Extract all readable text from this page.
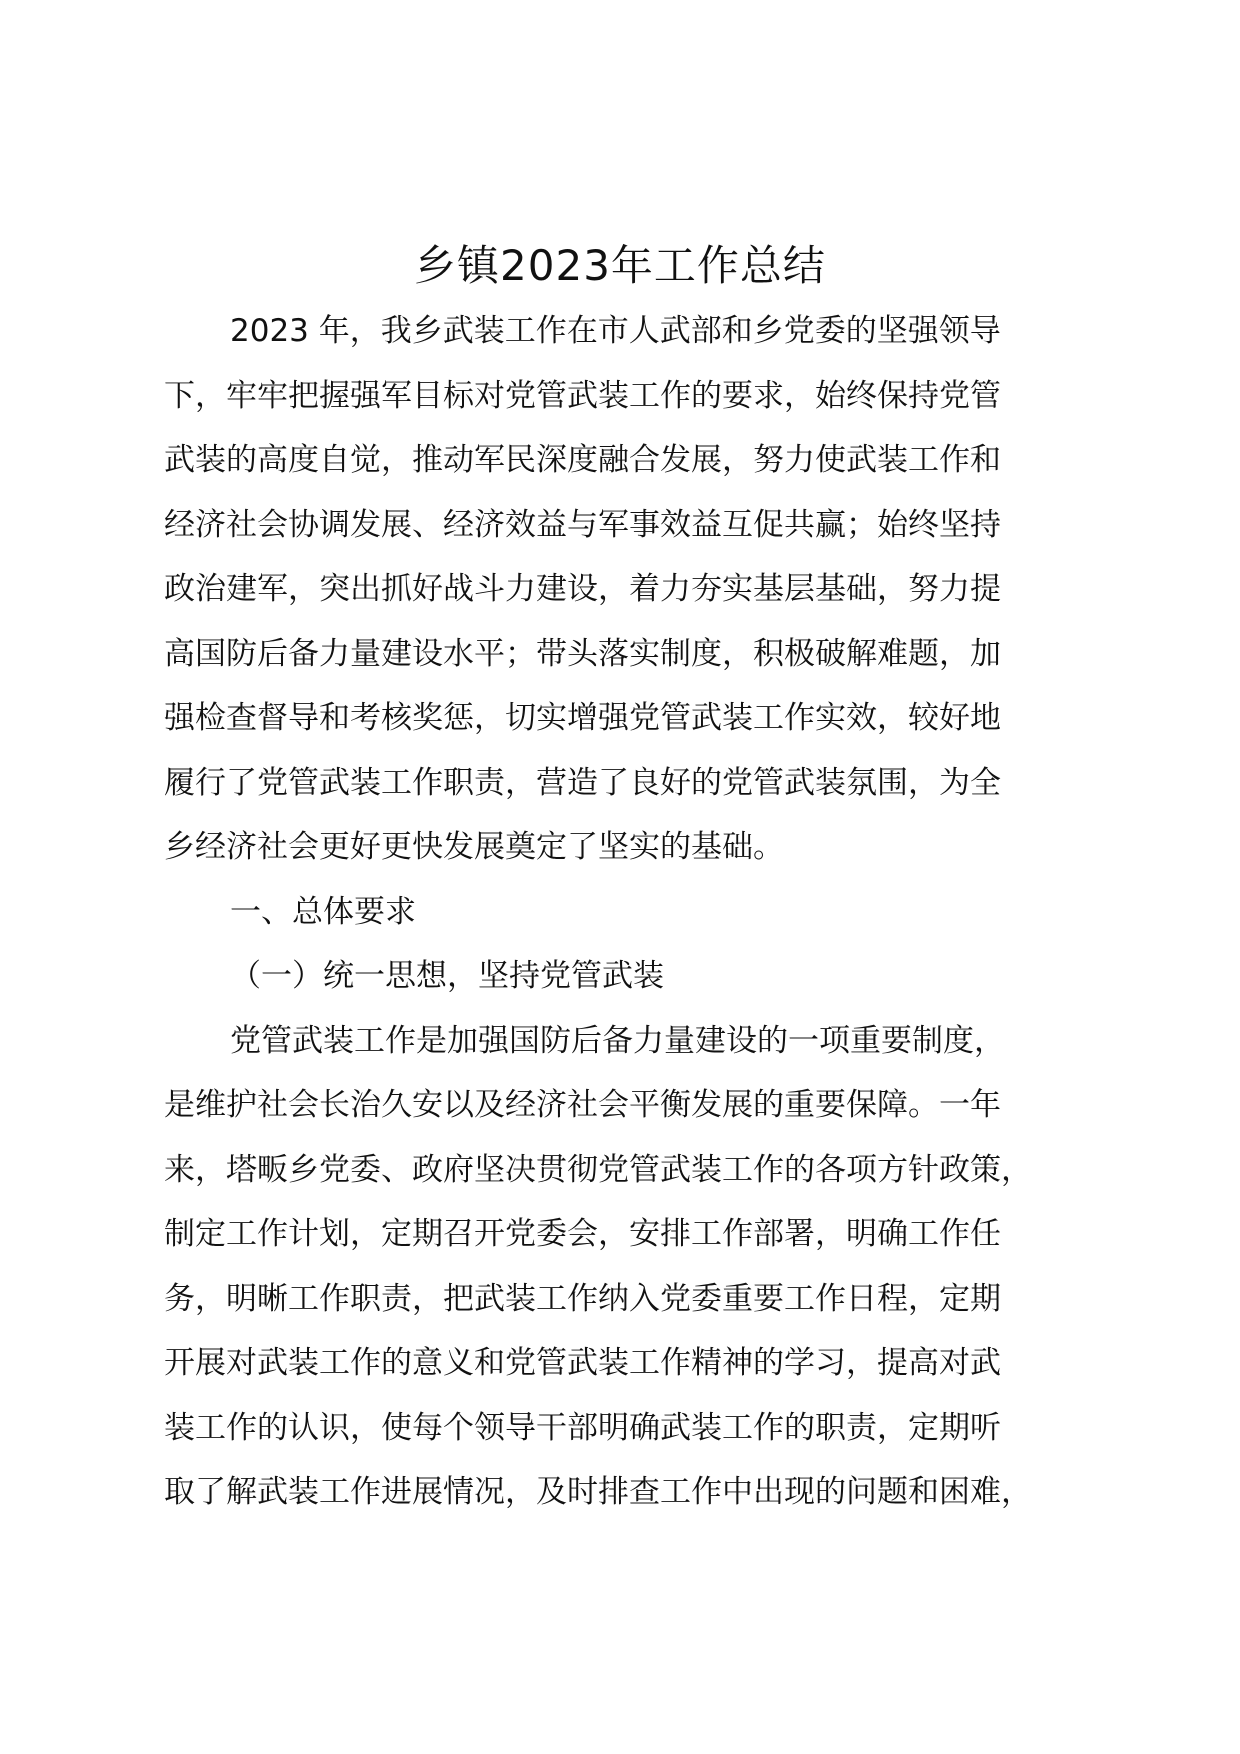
乡镇2023年工作总结
2023 年，我乡武装工作在市人武部和乡党委的坚强领导
下，牢牢把握强军目标对党管武装工作的要求，始终保持党管
武装的高度自觉，推动军民深度融合发展，努力使武装工作和
经济社会协调发展、经济效益与军事效益互促共赢；始终坚持
政治建军，突出抓好战斗力建设，着力夯实基层基础，努力提
高国防后备力量建设水平；带头落实制度，积极破解难题，加
强检查督导和考核奖惩，切实增强党管武装工作实效，较好地
履行了党管武装工作职责，营造了良好的党管武装氛围，为全
乡经济社会更好更快发展奠定了坚实的基础。
一、总体要求
（一）统一思想，坚持党管武装
党管武装工作是加强国防后备力量建设的一项重要制度，
是维护社会长治久安以及经济社会平衡发展的重要保障。一年
来，塔畈乡党委、政府坚决贯彻党管武装工作的各项方针政策，
制定工作计划，定期召开党委会，安排工作部署，明确工作任
务，明晰工作职责，把武装工作纳入党委重要工作日程，定期
开展对武装工作的意义和党管武装工作精神的学习，提高对武
装工作的认识，使每个领导干部明确武装工作的职责，定期听
取了解武装工作进展情况，及时排查工作中出现的问题和困难，
